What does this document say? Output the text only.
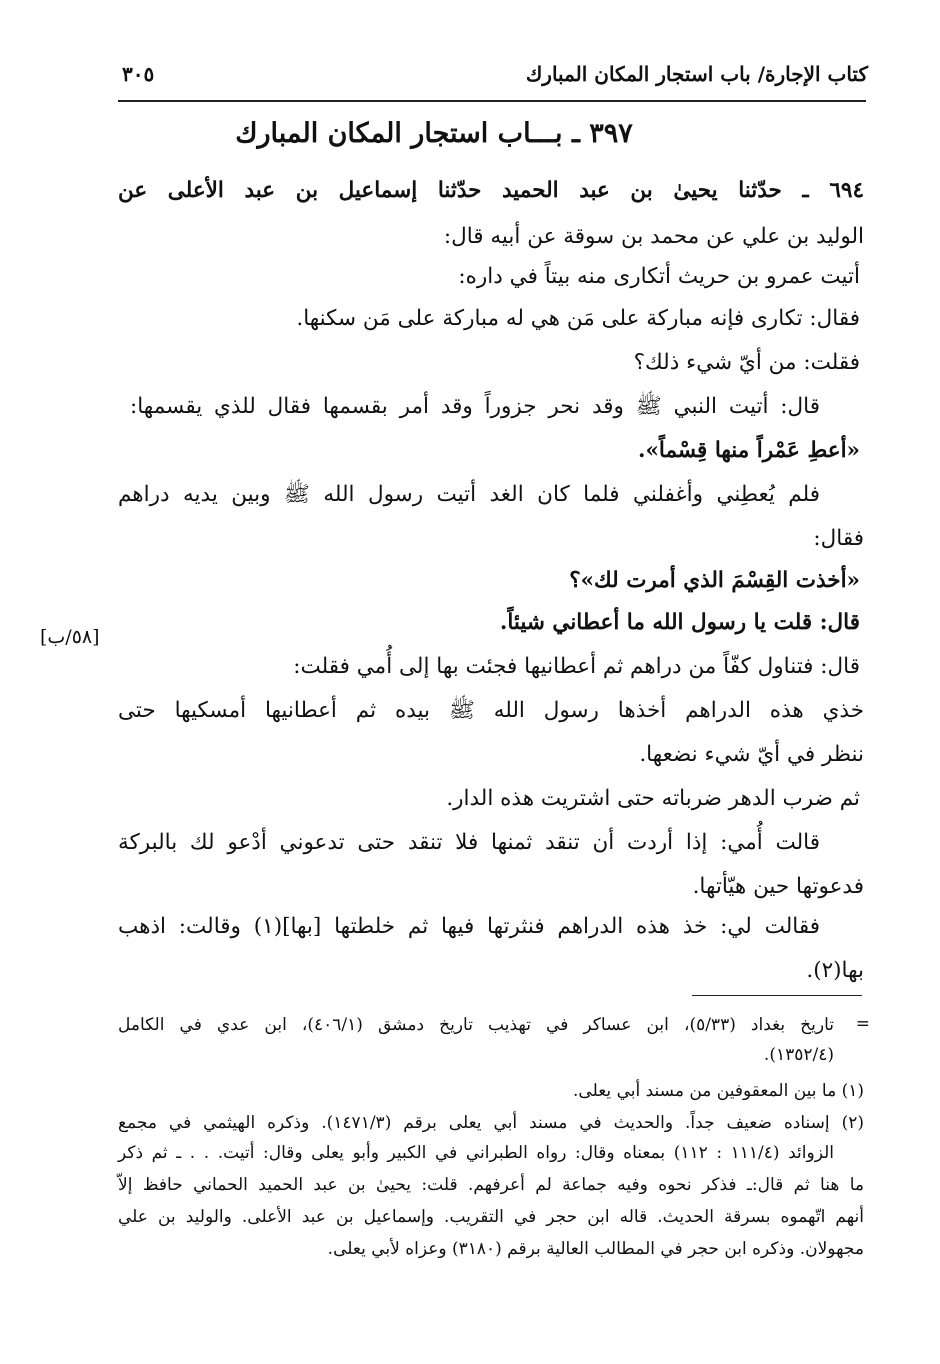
كتاب الإجارة/ باب استجار المكان المبارك
٣٠٥
٣٩٧ ـ بـــاب استجار المكان المبارك
٦٩٤ ـ حدّثنا يحيىٰ بن عبد الحميد حدّثنا إسماعيل بن عبد الأعلى عن
الوليد بن علي عن محمد بن سوقة عن أبيه قال:
أتيت عمرو بن حريث أتكارى منه بيتاً في داره:
فقال: تكارى فإنه مباركة على مَن هي له مباركة على مَن سكنها.
فقلت: من أيّ شيء ذلك؟
قال: أتيت النبي ﷺ وقد نحر جزوراً وقد أمر بقسمها فقال للذي يقسمها:
«أعطِ عَمْراً منها قِسْماً».
فلم يُعطِني وأغفلني فلما كان الغد أتيت رسول الله ﷺ وبين يديه دراهم
فقال:
«أخذت القِسْمَ الذي أمرت لك»؟
قال: قلت يا رسول الله ما أعطاني شيئاً.
قال: فتناول كفّاً من دراهم ثم أعطانيها فجئت بها إلى أُمي فقلت:
خذي هذه الدراهم أخذها رسول الله ﷺ بيده ثم أعطانيها أمسكيها حتى
ننظر في أيّ شيء نضعها.
ثم ضرب الدهر ضرباته حتى اشتريت هذه الدار.
قالت أُمي: إذا أردت أن تنقد ثمنها فلا تنقد حتى تدعوني أدْعو لك بالبركة
فدعوتها حين هيّأتها.
فقالت لي: خذ هذه الدراهم فنثرتها فيها ثم خلطتها [بها](١) وقالت: اذهب
بها(٢).
[٥٨/ب]
=
تاريخ بغداد (٥/٣٣)، ابن عساكر في تهذيب تاريخ دمشق (٤٠٦/١)، ابن عدي في الكامل
(١٣٥٢/٤).
(١) ما بين المعقوفين من مسند أبي يعلى.
(٢) إسناده ضعيف جداً. والحديث في مسند أبي يعلى برقم (١٤٧١/٣). وذكره الهيثمي في مجمع
الزوائد (١١١/٤ : ١١٢) بمعناه وقال: رواه الطبراني في الكبير وأبو يعلى وقال: أتيت. . . ـ ثم ذكر
ما هنا ثم قال:ـ فذكر نحوه وفيه جماعة لم أعرفهم. قلت: يحيىٰ بن عبد الحميد الحماني حافظ إلاّ
أنهم اتّهموه بسرقة الحديث. قاله ابن حجر في التقريب. وإسماعيل بن عبد الأعلى. والوليد بن علي
مجهولان. وذكره ابن حجر في المطالب العالية برقم (٣١٨٠) وعزاه لأبي يعلى.
